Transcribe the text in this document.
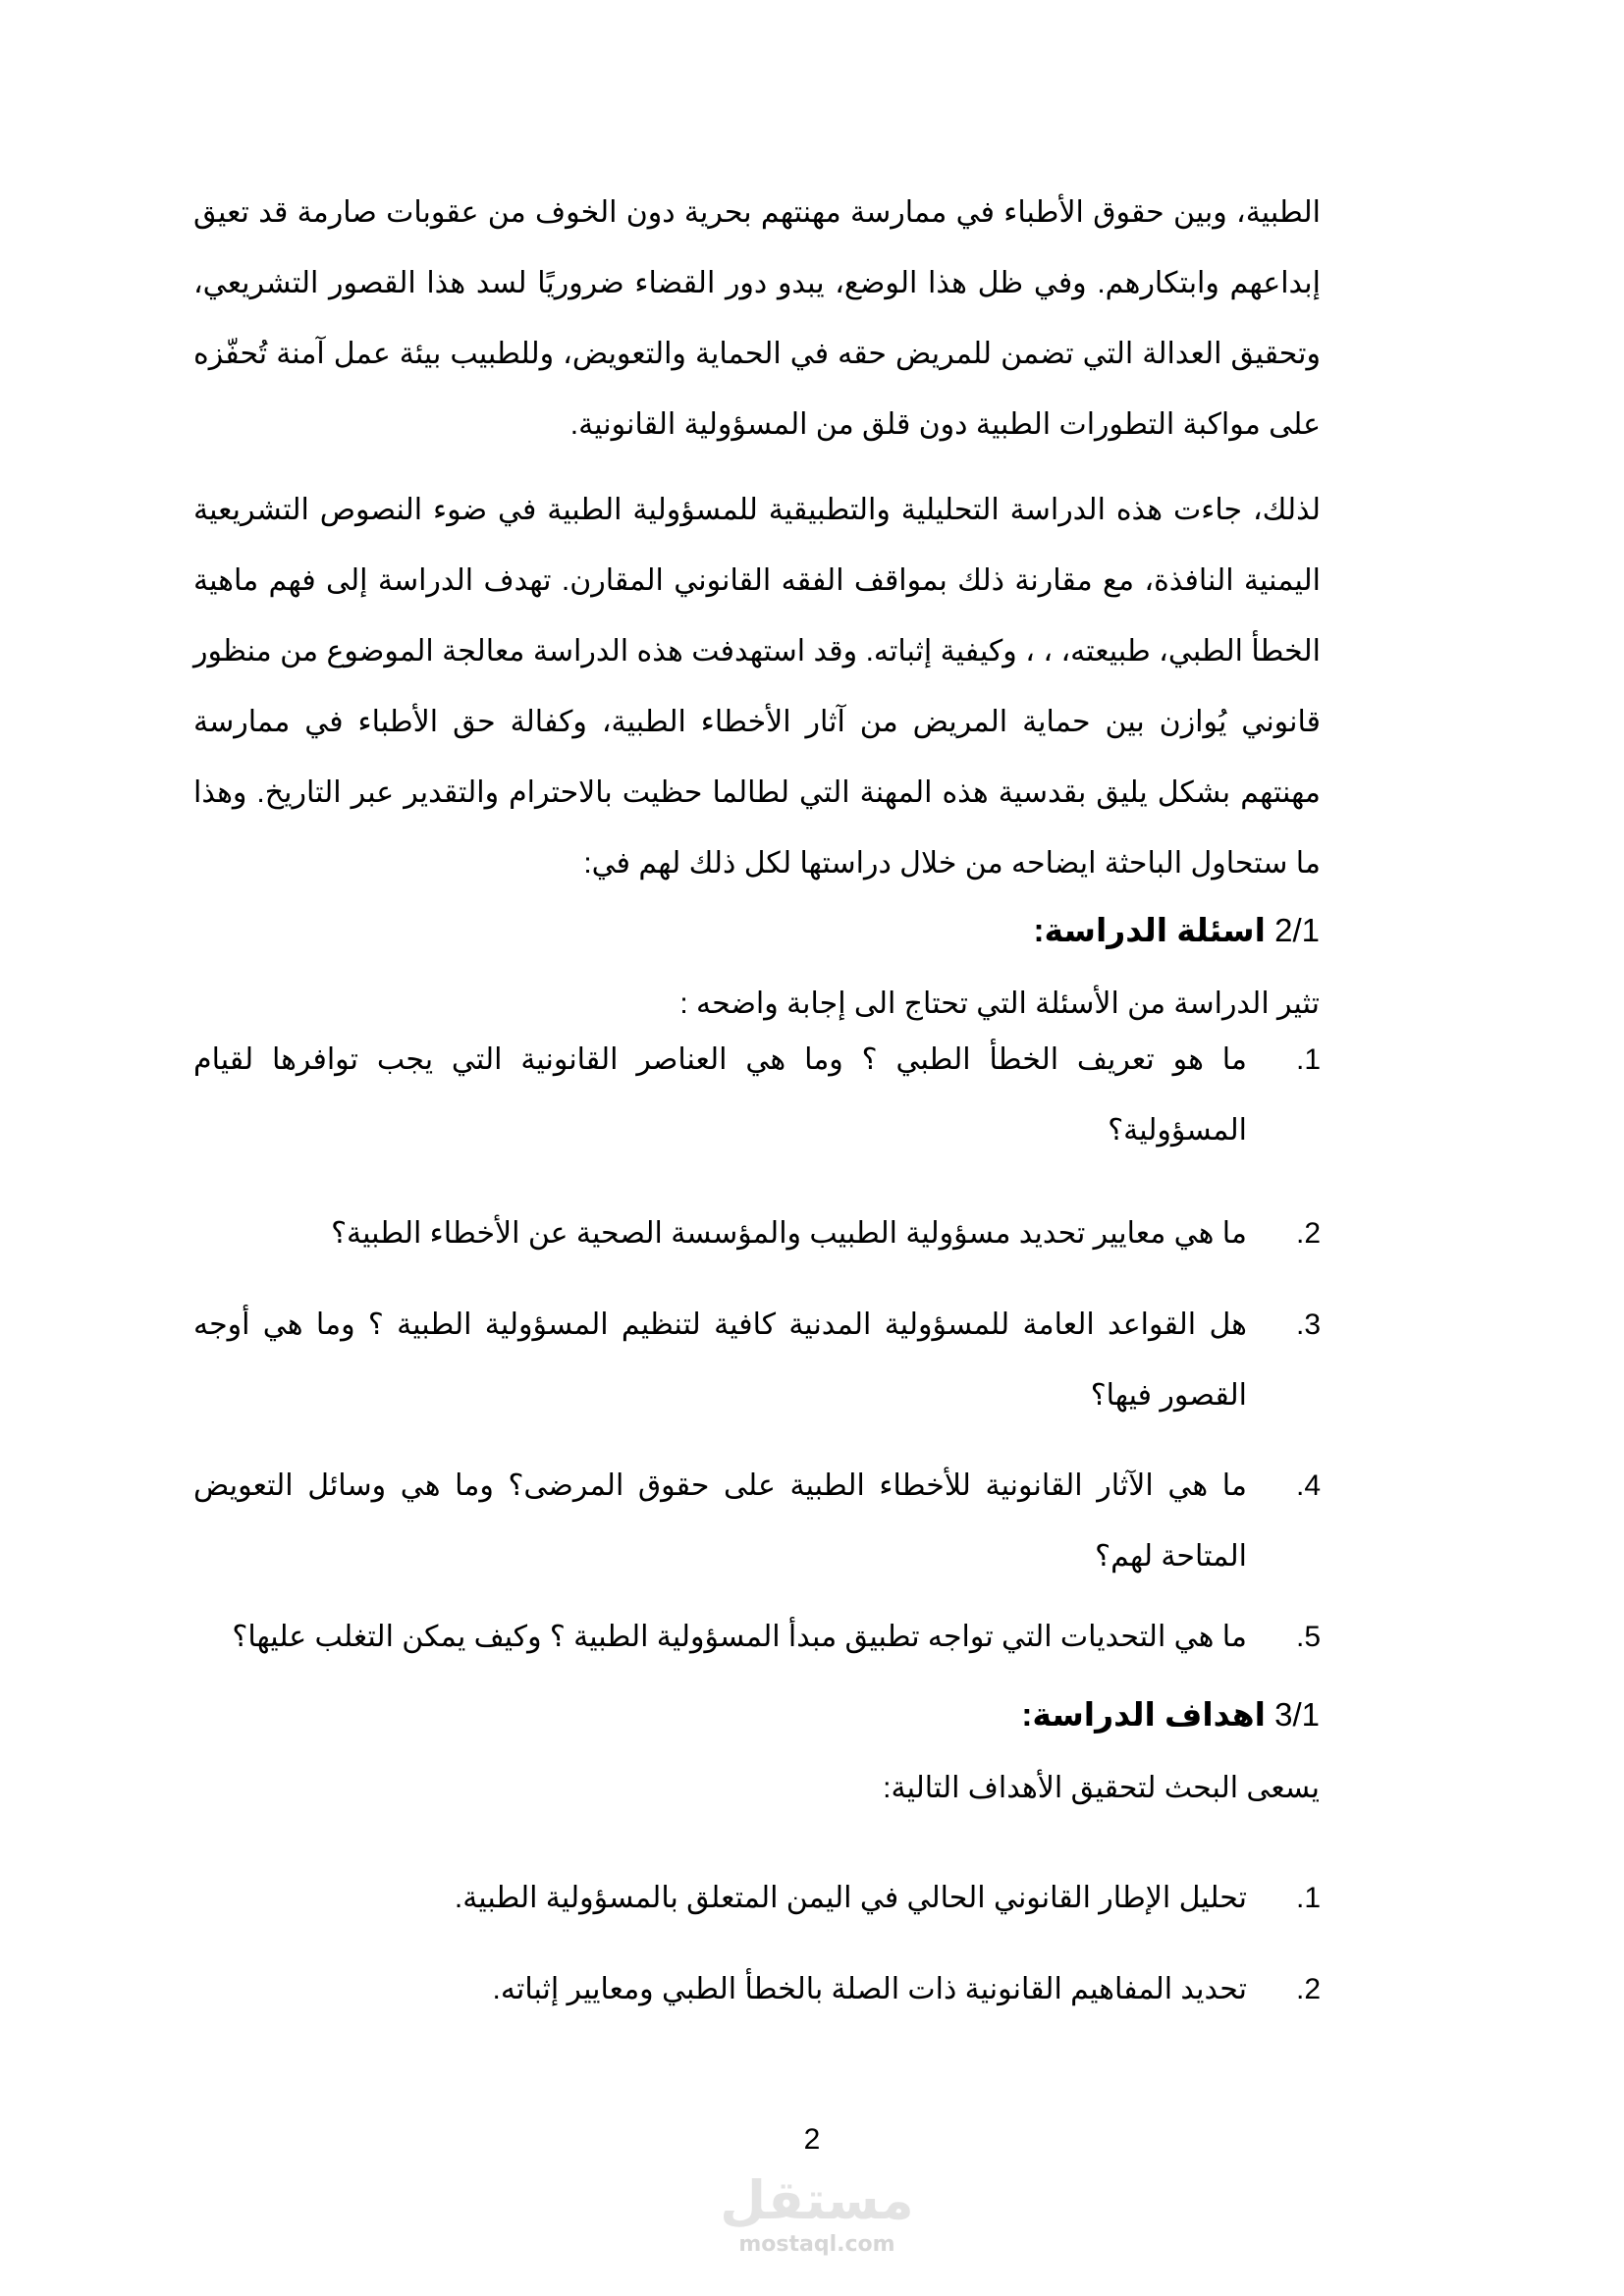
الطبية، وبين حقوق الأطباء في ممارسة مهنتهم بحرية دون الخوف من عقوبات صارمة قد تعيق إبداعهم وابتكارهم. وفي ظل هذا الوضع، يبدو دور القضاء ضروريًا لسد هذا القصور التشريعي، وتحقيق العدالة التي تضمن للمريض حقه في الحماية والتعويض، وللطبيب بيئة عمل آمنة تُحفّزه على مواكبة التطورات الطبية دون قلق من المسؤولية القانونية.

لذلك، جاءت هذه الدراسة التحليلية والتطبيقية للمسؤولية الطبية في ضوء النصوص التشريعية اليمنية النافذة، مع مقارنة ذلك بمواقف الفقه القانوني المقارن. تهدف الدراسة إلى فهم ماهية الخطأ الطبي، طبيعته، ، ، وكيفية إثباته. وقد استهدفت هذه الدراسة معالجة الموضوع من منظور قانوني يُوازن بين حماية المريض من آثار الأخطاء الطبية، وكفالة حق الأطباء في ممارسة مهنتهم بشكل يليق بقدسية هذه المهنة التي لطالما حظيت بالاحترام والتقدير عبر التاريخ. وهذا ما ستحاول الباحثة ايضاحه من خلال دراستها لكل ذلك لهم في:

2/1 اسئلة الدراسة:

تثير الدراسة من الأسئلة التي تحتاج الى إجابة واضحه :

1.
ما هو تعريف الخطأ الطبي ؟ وما هي العناصر القانونية التي يجب توافرها لقيام المسؤولية؟
2.
ما هي معايير تحديد مسؤولية الطبيب والمؤسسة الصحية عن الأخطاء الطبية؟
3.
هل القواعد العامة للمسؤولية المدنية كافية لتنظيم المسؤولية الطبية ؟ وما هي أوجه القصور فيها؟
4.
ما هي الآثار القانونية للأخطاء الطبية على حقوق المرضى؟ وما هي وسائل التعويض المتاحة لهم؟
5.
ما هي التحديات التي تواجه تطبيق مبدأ المسؤولية الطبية ؟ وكيف يمكن التغلب عليها؟
3/1 اهداف الدراسة:

يسعى البحث لتحقيق الأهداف التالية:

1.
تحليل الإطار القانوني الحالي في اليمن المتعلق بالمسؤولية الطبية.
2.
تحديد المفاهيم القانونية ذات الصلة بالخطأ الطبي ومعايير إثباته.
2
مستقل
mostaql.com
